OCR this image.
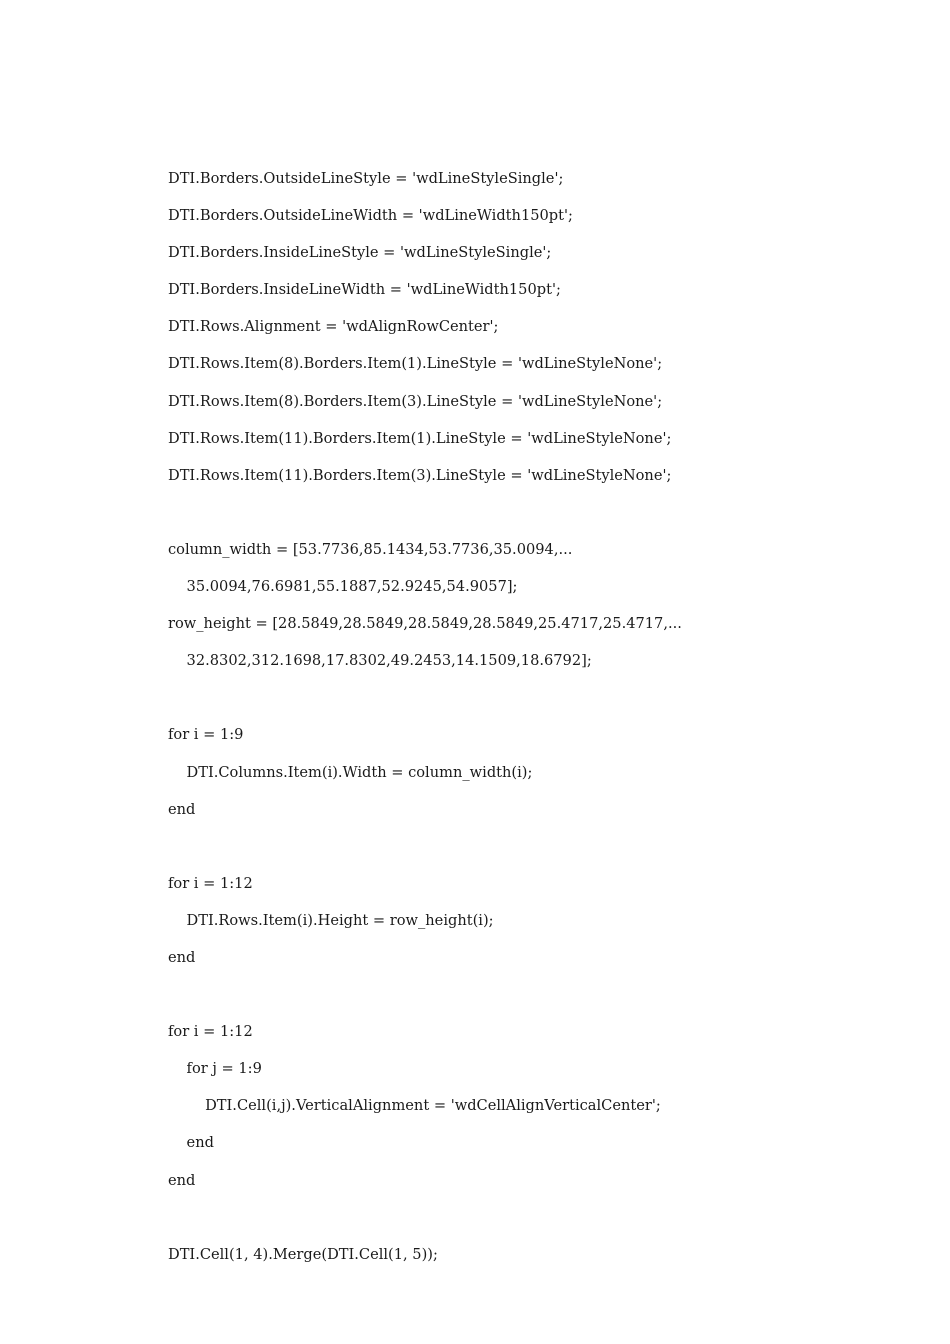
DTI.Borders.OutsideLineStyle = 'wdLineStyleSingle';
DTI.Borders.OutsideLineWidth = 'wdLineWidth150pt';
DTI.Borders.InsideLineStyle = 'wdLineStyleSingle';
DTI.Borders.InsideLineWidth = 'wdLineWidth150pt';
DTI.Rows.Alignment = 'wdAlignRowCenter';
DTI.Rows.Item(8).Borders.Item(1).LineStyle = 'wdLineStyleNone';
DTI.Rows.Item(8).Borders.Item(3).LineStyle = 'wdLineStyleNone';
DTI.Rows.Item(11).Borders.Item(1).LineStyle = 'wdLineStyleNone';
DTI.Rows.Item(11).Borders.Item(3).LineStyle = 'wdLineStyleNone';
column_width = [53.7736,85.1434,53.7736,35.0094,...
35.0094,76.6981,55.1887,52.9245,54.9057];
row_height = [28.5849,28.5849,28.5849,28.5849,25.4717,25.4717,...
32.8302,312.1698,17.8302,49.2453,14.1509,18.6792];
for i = 1:9
DTI.Columns.Item(i).Width = column_width(i);
end
for i = 1:12
DTI.Rows.Item(i).Height = row_height(i);
end
for i = 1:12
for j = 1:9
DTI.Cell(i,j).VerticalAlignment = 'wdCellAlignVerticalCenter';
end
end
DTI.Cell(1, 4).Merge(DTI.Cell(1, 5));
